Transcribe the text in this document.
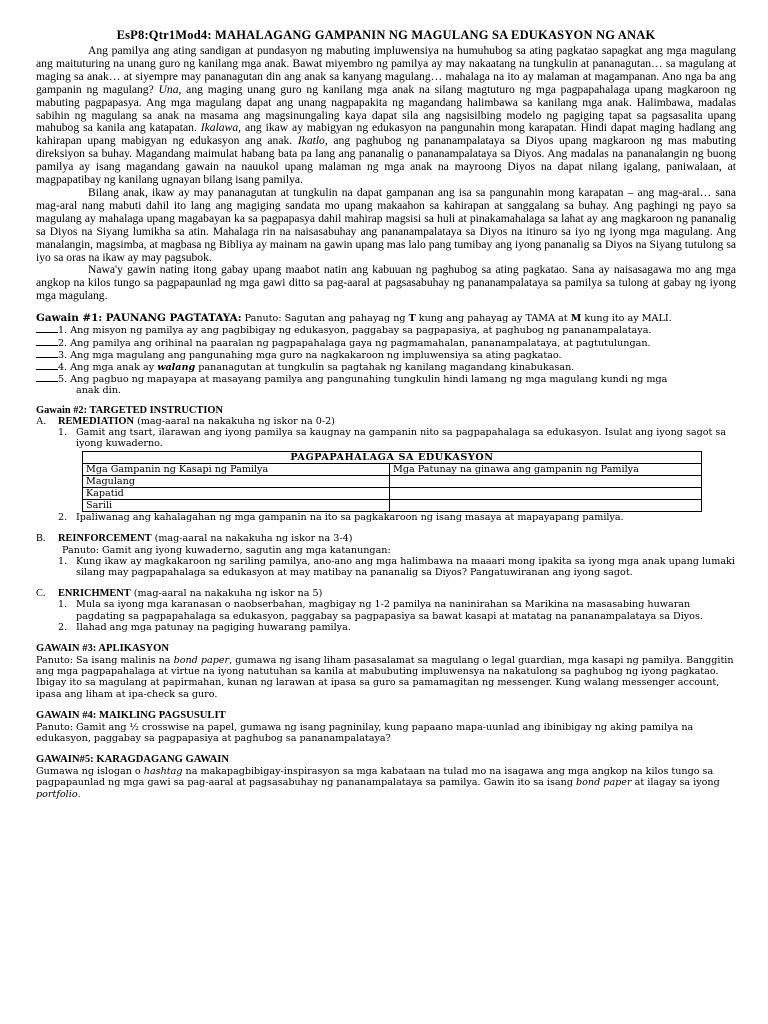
EsP8:Qtr1Mod4: MAHALAGANG GAMPANIN NG MAGULANG SA EDUKASYON NG ANAK

Ang pamilya ang ating sandigan at pundasyon ng mabuting impluwensiya na humuhubog sa ating pagkatao sapagkat ang mga magulang ang maituturing na unang guro ng kanilang mga anak. Bawat miyembro ng pamilya ay may nakaatang na tungkulin at pananagutan… sa magulang at maging sa anak… at siyempre may pananagutan din ang anak sa kanyang magulang… mahalaga na ito ay malaman at magampanan. Ano nga ba ang gampanin ng magulang? Una, ang maging unang guro ng kanilang mga anak na silang magtuturo ng mga pagpapahalaga upang magkaroon ng mabuting pagpapasya. Ang mga magulang dapat ang unang nagpapakita ng magandang halimbawa sa kanilang mga anak. Halimbawa, madalas sabihin ng magulang sa anak na masama ang magsinungaling kaya dapat sila ang nagsisilbing modelo ng pagiging tapat sa pagsasalita upang mahubog sa kanila ang katapatan. Ikalawa, ang ikaw ay mabigyan ng edukasyon na pangunahin mong karapatan. Hindi dapat maging hadlang ang kahirapan upang mabigyan ng edukasyon ang anak. Ikatlo, ang paghubog ng pananampalataya sa Diyos upang magkaroon ng mas mabuting direksiyon sa buhay. Magandang maimulat habang bata pa lang ang pananalig o pananampalataya sa Diyos. Ang madalas na pananalangin ng buong pamilya ay isang magandang gawain na nauukol upang malaman ng mga anak na mayroong Diyos na dapat nilang igalang, paniwalaan, at magpapatibay ng kanilang ugnayan bilang isang pamilya.

Bilang anak, ikaw ay may pananagutan at tungkulin na dapat gampanan ang isa sa pangunahin mong karapatan – ang mag-aral… sana mag-aral nang mabuti dahil ito lang ang magiging sandata mo upang makaahon sa kahirapan at sanggalang sa buhay. Ang paghingi ng payo sa magulang ay mahalaga upang magabayan ka sa pagpapasya dahil mahirap magsisi sa huli at pinakamahalaga sa lahat ay ang magkaroon ng pananalig sa Diyos na Siyang lumikha sa atin. Mahalaga rin na naisasabuhay ang pananampalataya sa Diyos na itinuro sa iyo ng iyong mga magulang. Ang manalangin, magsimba, at magbasa ng Bibliya ay mainam na gawin upang mas lalo pang tumibay ang iyong pananalig sa Diyos na Siyang tutulong sa iyo sa oras na ikaw ay may pagsubok.

Nawa'y gawin nating itong gabay upang maabot natin ang kabuuan ng paghubog sa ating pagkatao. Sana ay naisasagawa mo ang mga angkop na kilos tungo sa pagpapaunlad ng mga gawi ditto sa pag-aaral at pagsasabuhay ng pananampalataya sa pamilya sa tulong at gabay ng iyong mga magulang.

Gawain #1: PAUNANG PAGTATAYA: Panuto: Sagutan ang pahayag ng T kung ang pahayag ay TAMA at M kung ito ay MALI.
1. Ang misyon ng pamilya ay ang pagbibigay ng edukasyon, paggabay sa pagpapasiya, at paghubog ng pananampalataya.
2. Ang pamilya ang orihinal na paaralan ng pagpapahalaga gaya ng pagmamahalan, pananampalataya, at pagtutulungan.
3. Ang mga magulang ang pangunahing mga guro na nagkakaroon ng impluwensiya sa ating pagkatao.
4. Ang mga anak ay walang pananagutan at tungkulin sa pagtahak ng kanilang magandang kinabukasan.
5. Ang pagbuo ng mapayapa at masayang pamilya ang pangunahing tungkulin hindi lamang ng mga magulang kundi ng mga
anak din.
Gawain #2: TARGETED INSTRUCTION
A. REMEDIATION (mag-aaral na nakakuha ng iskor na 0-2)
1. Gamit ang tsart, ilarawan ang iyong pamilya sa kaugnay na gampanin nito sa pagpapahalaga sa edukasyon. Isulat ang iyong sagot sa iyong kuwaderno.
PAGPAPAHALAGA SA EDUKASYON	
Mga Gampanin ng Kasapi ng Pamilya	Mga Patunay na ginawa ang gampanin ng Pamilya
Magulang	
Kapatid	
Sarili	
2. Ipaliwanag ang kahalagahan ng mga gampanin na ito sa pagkakaroon ng isang masaya at mapayapang pamilya.
B. REINFORCEMENT (mag-aaral na nakakuha ng iskor na 3-4)
Panuto: Gamit ang iyong kuwaderno, sagutin ang mga katanungan:
1. Kung ikaw ay magkakaroon ng sariling pamilya, ano-ano ang mga halimbawa na maaari mong ipakita sa iyong mga anak upang lumaki silang may pagpapahalaga sa edukasyon at may matibay na pananalig sa Diyos? Pangatuwiranan ang iyong sagot.
C. ENRICHMENT (mag-aaral na nakakuha ng iskor na 5)
1. Mula sa iyong mga karanasan o naobserbahan, magbigay ng 1-2 pamilya na naninirahan sa Marikina na masasabing huwaran pagdating sa pagpapahalaga sa edukasyon, paggabay sa pagpapasiya sa bawat kasapi at matatag na pananampalataya sa Diyos.
2. Ilahad ang mga patunay na pagiging huwarang pamilya.
GAWAIN #3: APLIKASYON

Panuto: Sa isang malinis na bond paper, gumawa ng isang liham pasasalamat sa magulang o legal guardian, mga kasapi ng pamilya. Banggitin ang mga pagpapahalaga at virtue na iyong natutuhan sa kanila at mabubuting impluwensya na nakatulong sa paghubog ng iyong pagkatao. Ibigay ito sa magulang at papirmahan, kunan ng larawan at ipasa sa guro sa pamamagitan ng messenger. Kung walang messenger account, ipasa ang liham at ipa-check sa guro.

GAWAIN #4: MAIKLING PAGSUSULIT

Panuto: Gamit ang ½ crosswise na papel, gumawa ng isang pagninilay, kung papaano mapa-uunlad ang ibinibigay ng aking pamilya na edukasyon, paggabay sa pagpapasiya at paghubog sa pananampalataya?

GAWAIN#5: KARAGDAGANG GAWAIN

Gumawa ng islogan o hashtag na makapagbibigay-inspirasyon sa mga kabataan na tulad mo na isagawa ang mga angkop na kilos tungo sa pagpapaunlad ng mga gawi sa pag-aaral at pagsasabuhay ng pananampalataya sa pamilya. Gawin ito sa isang bond paper at ilagay sa iyong portfolio.
